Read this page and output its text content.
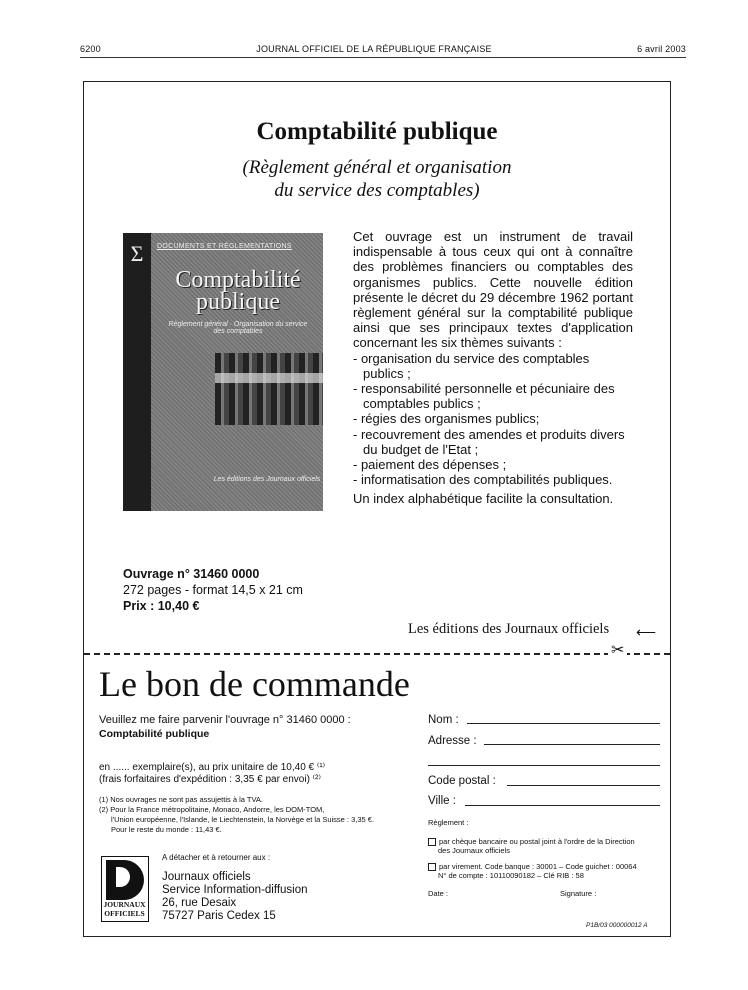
6200	JOURNAL OFFICIEL DE LA RÉPUBLIQUE FRANÇAISE	6 avril 2003
Comptabilité publique
(Règlement général et organisation
du service des comptables)
Σ	DOCUMENTS ET RÉGLEMENTATIONS
Comptabilité
publique
Règlement général · Organisation du service des comptables
Les éditions des Journaux officiels

Cet ouvrage est un instrument de travail indispensable à tous ceux qui ont à connaître des problèmes financiers ou comptables des organismes publics. Cette nouvelle édition présente le décret du 29 décembre 1962 portant règlement général sur la comptabilité publique ainsi que ses principaux textes d'application concernant les six thèmes suivants :

- organisation du service des comptables publics ;
- responsabilité personnelle et pécuniaire des comptables publics ;
- régies des organismes publics;
- recouvrement des amendes et produits divers du budget de l'Etat ;
- paiement des dépenses ;
- informatisation des comptabilités publiques.

Un index alphabétique facilite la consultation.

Ouvrage n° 31460 0000
272 pages - format 14,5 x 21 cm
Prix : 10,40 €
Les éditions des Journaux officiels ⟵
✂
Le bon de commande
Veuillez me faire parvenir l'ouvrage n° 31460 0000 :
Comptabilité publique
en ...... exemplaire(s), au prix unitaire de 10,40 € ⁽¹⁾
(frais forfaitaires d'expédition : 3,35 € par envoi) ⁽²⁾
(1) Nos ouvrages ne sont pas assujettis à la TVA.
(2) Pour la France métropolitaine, Monaco, Andorre, les DOM-TOM,
l'Union européenne, l'Islande, le Liechtenstein, la Norvège et la Suisse : 3,35 €.
Pour le reste du monde : 11,43 €.
A détacher et à retourner aux :
JOURNAUX
OFFICIELS
Journaux officiels
Service Information-diffusion
26, rue Desaix
75727 Paris Cedex 15
Nom :
Adresse :
Code postal :
Ville :
Règlement :
par chèque bancaire ou postal joint à l'ordre de la Direction
des Journaux officiels
par virement. Code banque : 30001 – Code guichet : 00064
N° de compte : 10110090182 – Clé RIB : 58
Date :	Signature :
P1B/03 000000012 A
